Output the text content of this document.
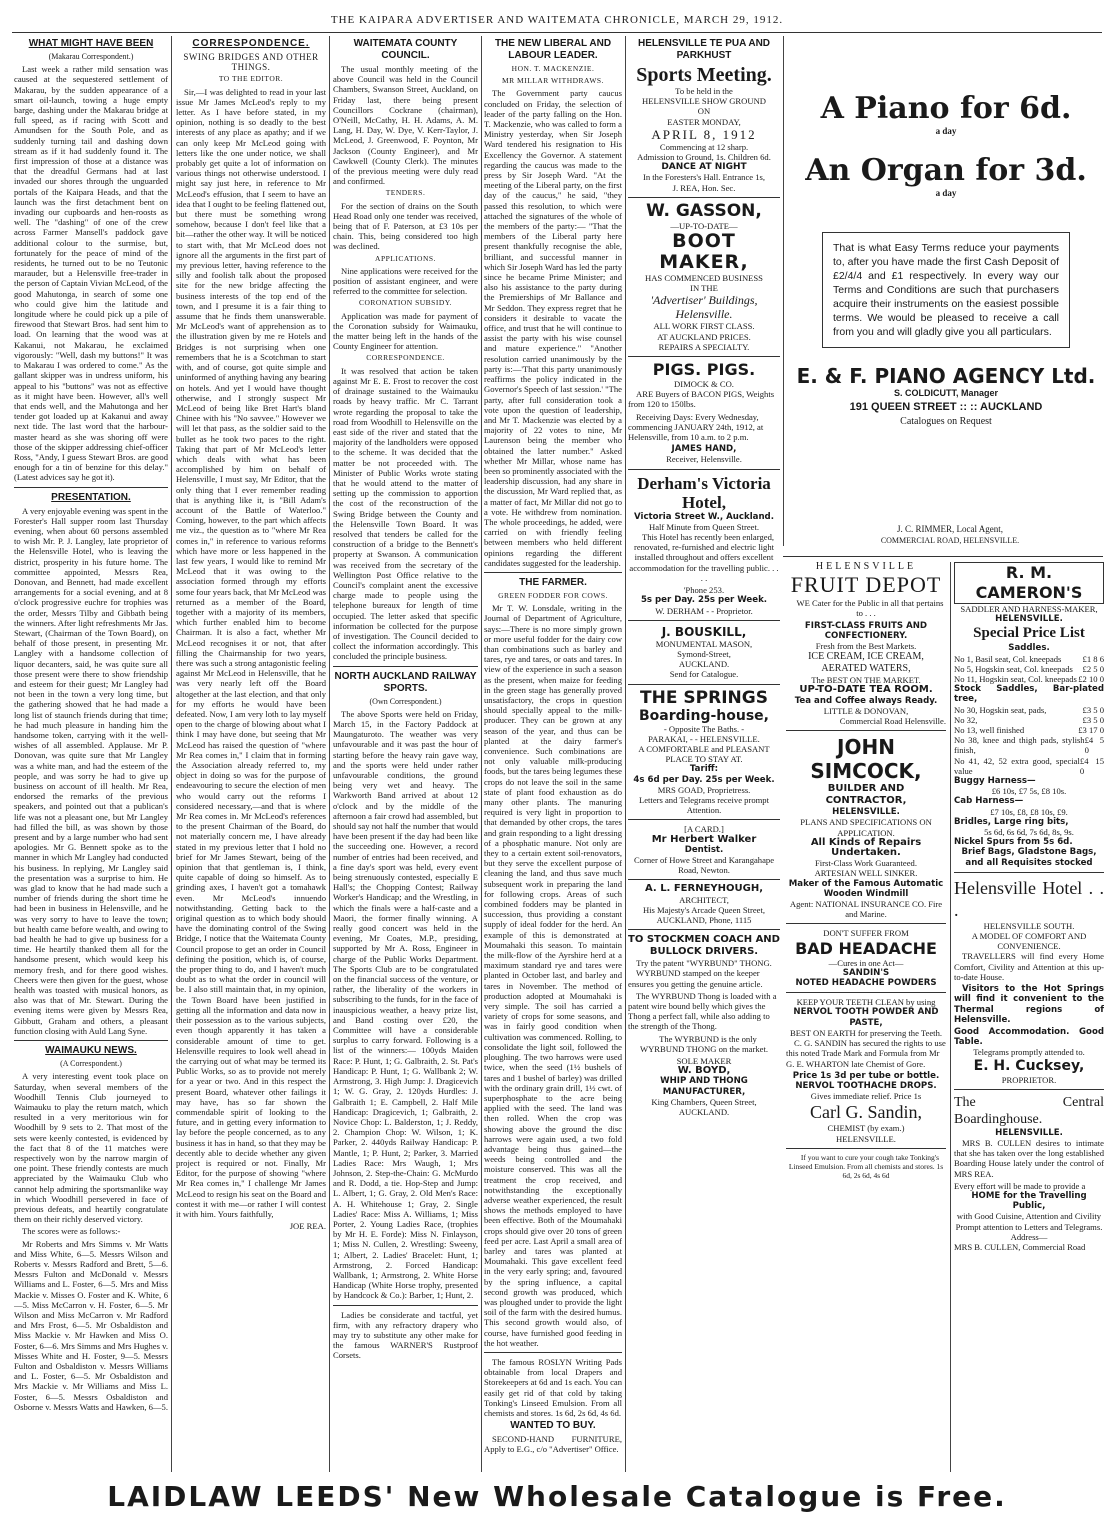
THE KAIPARA ADVERTISER AND WAITEMATA CHRONICLE, MARCH 29, 1912.
WHAT MIGHT HAVE BEEN
(Makarau Correspondent.)

Last week a rather mild sensation was caused at the sequestered settlement of Makarau, by the sudden appearance of a smart oil-launch, towing a huge empty barge, dashing under the Makarau bridge at full speed, as if racing with Scott and Amundsen for the South Pole, and as suddenly turning tail and dashing down stream as if it had suddenly found it. The first impression of those at a distance was that the dreadful Germans had at last invaded our shores through the unguarded portals of the Kaipara Heads, and that the launch was the first detachment bent on invading our cupboards and hen-roosts as well. The "dashing" of one of the crew across Farmer Mansell's paddock gave additional colour to the surmise, but, fortunately for the peace of mind of the residents, he turned out to be no Teutonic marauder, but a Helensville free-trader in the person of Captain Vivian McLeod, of the good Mahutonga, in search of some one who could give him the latitude and longitude where he could pick up a pile of firewood that Stewart Bros. had sent him to load. On learning that the wood was at Kakanui, not Makarau, he exclaimed vigorously: "Well, dash my buttons!" It was to Makarau I was ordered to come." As the gallant skipper was in undress uniform, his appeal to his "buttons" was not as effective as it might have been. However, all's well that ends well, and the Mahutonga and her tender got loaded up at Kakanui and away next tide. The last word that the harbour-master heard as she was shoring off were those of the skipper addressing chief-officer Ross, "Andy, I guess Stewart Bros. are good enough for a tin of benzine for this delay." (Latest advices say he got it).

PRESENTATION.

A very enjoyable evening was spent in the Forester's Hall supper room last Thursday evening, when about 60 persons assembled to wish Mr. P. J. Langley, late proprietor of the Helensville Hotel, who is leaving the district, prosperity in his future home. The committee appointed, Messrs Rea, Donovan, and Bennett, had made excellent arrangements for a social evening, and at 8 o'clock progressive euchre for trophies was the order, Messrs Tilby and Gibbath being the winners. After light refreshments Mr Jas. Stewart, (Chairman of the Town Board), on behalf of those present, in presenting Mr. Langley with a handsome collection of liquor decanters, said, he was quite sure all those present were there to show friendship and esteem for their guest; Mr Langley had not been in the town a very long time, but the gathering showed that he had made a long list of staunch friends during that time; he had much pleasure in handing him the handsome token, carrying with it the well-wishes of all assembled. Applause. Mr P. Donovan, was quite sure that Mr Langley was a white man, and had the esteem of the people, and was sorry he had to give up business on account of ill health. Mr Rea, endorsed the remarks of the previous speakers, and pointed out that a publican's life was not a pleasant one, but Mr Langley had filled the bill, as was shown by those present and by a large number who had sent apologies. Mr G. Bennett spoke as to the manner in which Mr Langley had conducted his business. In replying, Mr Langley said the presentation was a surprise to him. He was glad to know that he had made such a number of friends during the short time he had been in business in Helensville, and he was very sorry to have to leave the town; but health came before wealth, and owing to bad health he had to give up business for a time. He heartily thanked them all for the handsome present, which would keep his memory fresh, and for there good wishes. Cheers were then given for the guest, whose health was toasted with musical honors, as also was that of Mr. Stewart. During the evening items were given by Messrs Rea, Gibbutt, Graham and others, a pleasant function closing with Auld Lang Syne.

WAIMAUKU NEWS.
(A Correspondent.)

A very interesting event took place on Saturday, when several members of the Woodhill Tennis Club journeyed to Waimauku to play the return match, which resulted in a very meritorious win for Woodhill by 9 sets to 2. That most of the sets were keenly contested, is evidenced by the fact that 8 of the 11 matches were respectively won by the narrow margin of one point. These friendly contests are much appreciated by the Waimauku Club who cannot help admiring the sportsmanlike way in which Woodhill persevered in face of previous defeats, and heartily congratulate them on their richly deserved victory.

The scores were as follows:-

Mr Roberts and Mrs Simms v. Mr Watts and Miss White, 6—5. Messrs Wilson and Roberts v. Messrs Radford and Brett, 5—6. Messrs Fulton and McDonald v. Messrs Williams and L. Foster, 6—5. Mrs and Miss Mackie v. Misses O. Foster and K. White, 6—5. Miss McCarron v. H. Foster, 6—5. Mr Wilson and Miss McCarron v. Mr Radford and Mrs Frost, 6—5. Mr Osbaldiston and Miss Mackie v. Mr Hawken and Miss O. Foster, 6—6. Mrs Simms and Mrs Hughes v. Misses White and H. Foster, 9—5. Messrs Fulton and Osbaldiston v. Messrs Williams and L. Foster, 6—5. Mr Osbaldiston and Mrs Mackie v. Mr Williams and Miss L. Foster, 6—5. Messrs Osbaldiston and Osborne v. Messrs Watts and Hawken, 6—5.

CORRESPONDENCE.
SWING BRIDGES AND OTHER THINGS.
TO THE EDITOR.

Sir,—I was delighted to read in your last issue Mr James McLeod's reply to my letter. As I have before stated, in my opinion, nothing is so deadly to the best interests of any place as apathy; and if we can only keep Mr McLeod going with letters like the one under notice, we shall probably get quite a lot of information on various things not otherwise understood. I might say just here, in reference to Mr McLeod's effusion, that I seem to have an idea that I ought to be feeling flattened out, but there must be something wrong somehow, because I don't feel like that a bit—rather the other way. It will be noticed to start with, that Mr McLeod does not ignore all the arguments in the first part of my previous letter, having reference to the silly and foolish talk about the proposed site for the new bridge affecting the business interests of the top end of the town, and I presume it is a fair thing to assume that he finds them unanswerable. Mr McLeod's want of apprehension as to the illustration given by me re Hotels and Bridges is not surprising when one remembers that he is a Scotchman to start with, and of course, got quite simple and uninformed of anything having any bearing on hotels. And yet I would have thought otherwise, and I strongly suspect Mr McLeod of being like Bret Hart's bland Chinee with his "No savvee." However we will let that pass, as the soldier said to the bullet as he took two paces to the right. Taking that part of Mr McLeod's letter which deals with what has been accomplished by him on behalf of Helensville, I must say, Mr Editor, that the only thing that I ever remember reading that is anything like it, is "Bill Adam's account of the Battle of Waterloo." Coming, however, to the part which affects me viz., the question as to "where Mr Rea comes in," in reference to various reforms which have more or less happened in the last few years, I would like to remind Mr McLeod that it was owing to the association formed through my efforts some four years back, that Mr McLeod was returned as a member of the Board, together with a majority of its members, which further enabled him to become Chairman. It is also a fact, whether Mr McLeod recognises it or not, that after filling the Chairmanship for two years, there was such a strong antagonistic feeling against Mr McLeod in Helensville, that he was very nearly left off the Board altogether at the last election, and that only for my efforts he would have been defeated. Now, I am very loth to lay myself open to the charge of blowing about what I think I may have done, but seeing that Mr McLeod has raised the question of "where Mr Rea comes in," I claim that in forming the Association already referred to, my object in doing so was for the purpose of endeavouring to secure the election of men who would carry out the reforms I considered necessary,—and that is where Mr Rea comes in. Mr McLeod's references to the present Chairman of the Board, do not materially concern me, I have already stated in my previous letter that I hold no brief for Mr James Stewart, being of the opinion that that gentleman is, I think, quite capable of doing so himself. As to grinding axes, I haven't got a tomahawk even. Mr McLeod's innuendo notwithstanding. Getting back to the original question as to which body should have the dominating control of the Swing Bridge, I notice that the Waitemata County Council propose to get an order in Council defining the position, which is, of course, the proper thing to do, and I haven't much doubt as to what the order in council will be. I also still maintain that, in my opinion, the Town Board have been justified in getting all the information and data now in their possession as to the various subjects, even though apparently it has taken a considerable amount of time to get. Helensville requires to look well ahead in the carrying out of what may be termed its Public Works, so as to provide not merely for a year or two. And in this respect the present Board, whatever other failings it may have, has so far shown the commendable spirit of looking to the future, and in getting every information to lay before the people concerned, as to any business it has in hand, so that they may be decently able to decide whether any given project is required or not. Finally, Mr Editor, for the purpose of showing "where Mr Rea comes in," I challenge Mr James McLeod to resign his seat on the Board and contest it with me—or rather I will contest it with him. Yours faithfully,

JOE REA.
WAITEMATA COUNTY COUNCIL.

The usual monthly meeting of the above Council was held in the Council Chambers, Swanson Street, Auckland, on Friday last, there being present Councillors Cockrane (chairman), O'Neill, McCathy, H. H. Adams, A. M. Lang, H. Day, W. Dye, V. Kerr-Taylor, J. McLeod, J. Greenwood, F. Poynton, Mr Jackson (County Engineer), and Mr Cawkwell (County Clerk). The minutes of the previous meeting were duly read and confirmed.

TENDERS.

For the section of drains on the South Head Road only one tender was received, being that of F. Paterson, at £3 10s per chain. This, being considered too high was declined.

APPLICATIONS.

Nine applications were received for the position of assistant engineer, and were referred to the committee for selection.

CORONATION SUBSIDY.

Application was made for payment of the Coronation subsidy for Waimauku, the matter being left in the hands of the County Engineer for attention.

CORRESPONDENCE.

It was resolved that action be taken against Mr E. E. Frost to recover the cost of drainage sustained to the Waimauku roads by heavy traffic. Mr C. Tarrant wrote regarding the proposal to take the road from Woodhill to Helensville on the east side of the river and stated that the majority of the landholders were opposed to the scheme. It was decided that the matter be not proceeded with. The Minister of Public Works wrote stating that he would attend to the matter of setting up the commission to apportion the cost of the reconstruction of the Swing Bridge between the County and the Helensville Town Board. It was resolved that tenders be called for the construction of a bridge to the Bennett's property at Swanson. A communication was received from the secretary of the Wellington Post Office relative to the Council's complaint anent the excessive charge made to people using the telephone bureaux for length of time occupied. The letter asked that specific information be collected for the purpose of investigation. The Council decided to collect the information accordingly. This concluded the principle business.

NORTH AUCKLAND RAILWAY SPORTS.
(Own Correspondent.)

The above Sports were held on Friday, March 15, in the Factory Paddock at Maungaturoto. The weather was very unfavourable and it was past the hour of starting before the heavy rain gave way, and the sports were held under rather unfavourable conditions, the ground being very wet and heavy. The Warkworth Band arrived at about 12 o'clock and by the middle of the afternoon a fair crowd had assembled, but should say not half the number that would have been present if the day had been like the succeeding one. However, a record number of entries had been received, and a fine day's sport was held, every event being strenuously contested, especially E Hall's; the Chopping Contest; Railway Worker's Handicap; and the Wrestling, in which the finals were a half-caste and a Maori, the former finally winning. A really good concert was held in the evening, Mr Coates, M.P., presiding, supported by Mr A. Ross, Engineer in charge of the Public Works Department. The Sports Club are to be congratulated on the financial success of the venture, or rather, the liberality of the workers in subscribing to the funds, for in the face of inauspicious weather, a heavy prize list, and Band costing over £20, the Committee will have a considerable surplus to carry forward. Following is a list of the winners:— 100yds Maiden Race: P. Hunt, 1; G. Galbraith, 2. St. Pat's Handicap: P. Hunt, 1; G. Wallbank 2; W. Armstrong, 3. High Jump: J. Dragicevich 1; W. G. Gray, 2. 120yds Hurdles: J. Galbraith 1; E. Campbell, 2. Half Mile Handicap: Dragicevich, 1; Galbraith, 2. Novice Chop: L. Balderston, 1; J. Reddy, 2. Champion Chop: W. Wilson, 1; K. Parker, 2. 440yds Railway Handicap: P. Mantle, 1; P. Hunt, 2; Parker, 3. Married Ladies Race: Mrs Waugh, 1; Mrs Johnson, 2. Step-the-Chain: G. McMurdo and R. Dodd, a tie. Hop-Step and Jump: L. Albert, 1; G. Gray, 2. Old Men's Race: A. H. Whitehouse 1; Gray, 2. Single Ladies' Race: Miss A. Williams, 1; Miss Porter, 2. Young Ladies Race, (trophies by Mr H. E. Forde): Miss N. Finlayson, 1; Miss N. Cullen, 2. Wrestling: Sweeny, 1; Albert, 2. Ladies' Bracelet: Hunt, 1; Armstrong, 2. Forced Handicap: Wallbank, 1; Armstrong, 2. White Horse Handicap (White Horse trophy, presented by Handcock & Co.): Barber, 1; Hunt, 2.

Ladies be considerate and tactful, yet firm, with any refractory drapery who may try to substitute any other make for the famous WARNER'S Rustproof Corsets.

THE NEW LIBERAL AND LABOUR LEADER.
HON. T. MACKENZIE.
MR MILLAR WITHDRAWS.

The Government party caucus concluded on Friday, the selection of leader of the party falling on the Hon. T. Mackenzie, who was called to form a Ministry yesterday, when Sir Joseph Ward tendered his resignation to His Excellency the Governor. A statement regarding the caucus was made to the press by Sir Joseph Ward. "At the meeting of the Liberal party, on the first day of the caucus," he said, "they passed this resolution, to which were attached the signatures of the whole of the members of the party:— "That the members of the Liberal party here present thankfully recognise the able, brilliant, and successful manner in which Sir Joseph Ward has led the party since he became Prime Minister; and also his assistance to the party during the Premierships of Mr Ballance and Mr Seddon. They express regret that he considers it desirable to vacate the office, and trust that he will continue to assist the party with his wise counsel and mature experience." "Another resolution carried unanimously by the party is:—'That this party unanimously reaffirms the policy indicated in the Governor's Speech of last session.' "The party, after full consideration took a vote upon the question of leadership, and Mr T. Mackenzie was elected by a majority of 22 votes to nine, Mr Laurenson being the member who obtained the latter number." Asked whether Mr Millar, whose name has been so prominently associated with the leadership discussion, had any share in the discussion, Mr Ward replied that, as a matter of fact, Mr Millar did not go to a vote. He withdrew from nomination. The whole proceedings, he added, were carried on with friendly feeling between members who held different opinions regarding the different candidates suggested for the leadership.

THE FARMER.
GREEN FODDER FOR COWS.

Mr T. W. Lonsdale, writing in the Journal of Department of Agriculture, says:—There is no more simply grown or more useful fodder for the dairy cow than combinations such as barley and tares, rye and tares, or oats and tares. In view of the experience in such a season as the present, when maize for feeding in the green stage has generally proved unsatisfactory, the crops in question should specially appeal to the milk-producer. They can be grown at any season of the year, and thus can be planted at the dairy farmer's convenience. Such combinations are not only valuable milk-producing foods, but the tares being legumes these crops do not leave the soil in the same state of plant food exhaustion as do many other plants. The manuring required is very light in proportion to that demanded by other crops, the tares and grain responding to a light dressing of a phosphatic manure. Not only are they to a certain extent soil-renovators, but they serve the excellent purpose of cleaning the land, and thus save much subsequent work in preparing the land for following crops. Areas of such combined fodders may be planted in succession, thus providing a constant supply of ideal fodder for the herd. An example of this is demonstrated at Moumahaki this season. To maintain the milk-flow of the Ayrshire herd at a maximum standard rye and tares were planted in October last, and barley and tares in November. The method of production adopted at Moumahaki is very simple. The soil has carried a variety of crops for some seasons, and was in fairly good condition when cultivation was commenced. Rolling, to consolidate the light soil, followed the ploughing. The two harrows were used twice, when the seed (1½ bushels of tares and 1 bushel of barley) was drilled with the ordinary grain drill, 1½ cwt. of superphosphate to the acre being applied with the seed. The land was then rolled. When the crop was showing above the ground the disc harrows were again used, a two fold advantage being thus gained—the weeds being controlled and the moisture conserved. This was all the treatment the crop received, and notwithstanding the exceptionally adverse weather experienced, the result shows the methods employed to have been effective. Both of the Moumahaki crops should give over 20 tons of green feed per acre. Last April a small area of barley and tares was planted at Moumahaki. This gave excellent feed in the very early spring; and, favoured by the spring influence, a capital second growth was produced, which was ploughed under to provide the light soil of the farm with the desired humus. This second growth would also, of course, have furnished good feeding in the hot weather.

The famous ROSLYN Writing Pads obtainable from local Drapers and Storekeepers at 6d and 1s each. You can easily get rid of that cold by taking Tonking's Linseed Emulsion. From all chemists and stores. 1s 6d, 2s 6d, 4s 6d.

WANTED TO BUY.

SECOND-HAND FURNITURE, Apply to E.G., c/o "Advertiser" Office.

HELENSVILLE TE PUA AND PARKHUST
Sports Meeting.
To be held in the
HELENSVILLE SHOW GROUND
ON
EASTER MONDAY,
APRIL 8, 1912
Commencing at 12 sharp.
Admission to Ground, 1s. Children 6d.
DANCE AT NIGHT
In the Foresters's Hall. Entrance 1s,
J. REA, Hon. Sec.
W. GASSON,
—UP-TO-DATE—
BOOT MAKER,
HAS COMMENCED BUSINESS
IN THE
'Advertiser' Buildings,
Helensville.
ALL WORK FIRST CLASS.
AT AUCKLAND PRICES.
REPAIRS A SPECIALTY.
PIGS. PIGS.
DIMOCK & CO.

ARE Buyers of BACON PIGS, Weights from 120 to 150lbs.

Receiving Days: Every Wednesday, commencing JANUARY 24th, 1912, at Helensville, from 10 a.m. to 2 p.m.

JAMES HAND,
Receiver, Helensville.
Derham's Victoria Hotel,
Victoria Street W., Auckland.
Half Minute from Queen Street.

This Hotel has recently been enlarged, renovated, re-furnished and electric light installed throughout and offers excellent accommodation for the travelling public. . . . .

'Phone 253.
5s per Day. 25s per Week.
W. DERHAM - - Proprietor.
J. BOUSKILL,
MONUMENTAL MASON,
Symond-Street,
AUCKLAND.
Send for Catalogue.
THE SPRINGS
Boarding-house,
- Opposite The Baths. -
PARAKAI, - - HELENSVILLE.
A COMFORTABLE and PLEASANT PLACE TO STAY AT.
Tariff:
4s 6d per Day. 25s per Week.
MRS GOAD, Proprietress.
Letters and Telegrams receive prompt Attention.
[A CARD.]
Mr Herbert Walker
Dentist.
Corner of Howe Street and Karangahape Road, Newton.
A. L. FERNEYHOUGH,
ARCHITECT,
His Majesty's Arcade Queen Street,
AUCKLAND, Phone, 1115
TO STOCKMEN COACH AND BULLOCK DRIVERS.
Try the patent "WYRBUND" THONG.

WYRBUND stamped on the keeper ensures you getting the genuine article.

The WYRBUND Thong is loaded with a patent wire bound belly which gives the Thong a perfect fall, while also adding to the strength of the Thong.

The WYRBUND is the only WYRBUND THONG on the market.

SOLE MAKER
W. BOYD,
WHIP AND THONG MANUFACTURER,
King Chambers, Queen Street, AUCKLAND.
A Piano for 6d.
a day
An Organ for 3d.
a day
That is what Easy Terms reduce your payments to, after you have made the first Cash Deposit of £2/4/4 and £1 respectively. In every way our Terms and Conditions are such that purchasers acquire their instruments on the easiest possible terms. We would be pleased to receive a call from you and will gladly give you all particulars.
E. & F. PIANO AGENCY Ltd.
S. COLDICUTT, Manager
191 QUEEN STREET :: :: AUCKLAND
Catalogues on Request
J. C. RIMMER, Local Agent,
COMMERCIAL ROAD, HELENSVILLE.
HELENSVILLE
FRUIT DEPOT

WE Cater for the Public in all that pertains to . . .

FIRST-CLASS FRUITS AND CONFECTIONERY.
Fresh from the Best Markets.
ICE CREAM, ICE CREAM, AERATED WATERS,
The BEST ON THE MARKET.
UP-TO-DATE TEA ROOM.
Tea and Coffee always Ready.
LITTLE & DONOVAN,
Commercial Road Helensville.
JOHN SIMCOCK,
BUILDER AND CONTRACTOR,
HELENSVILLE.
PLANS AND SPECIFICATIONS ON APPLICATION.
All Kinds of Repairs Undertaken.
First-Class Work Guaranteed.
ARTESIAN WELL SINKER.
Maker of the Famous Automatic Wooden Windmill
Agent: NATIONAL INSURANCE CO. Fire and Marine.
DON'T SUFFER FROM
BAD HEADACHE
—Cures in one Act—
SANDIN'S
NOTED HEADACHE POWDERS
KEEP YOUR TEETH CLEAN by using
NERVOL TOOTH POWDER AND PASTE,
BEST ON EARTH for preserving the Teeth.

C. G. SANDIN has secured the rights to use this noted Trade Mark and Formula from Mr G. E. WHARTON late Chemist of Gore.

Price 1s 3d per tube or bottle.
NERVOL TOOTHACHE DROPS.
Gives immediate relief. Price 1s
Carl G. Sandin,
CHEMIST (by exam.)
HELENSVILLE.

If you want to cure your cough take Tonking's Linseed Emulsion. From all chemists and stores. 1s 6d, 2s 6d, 4s 6d

R. M. CAMERON'S
SADDLER AND HARNESS-MAKER,
HELENSVILLE.
Special Price List
Saddles.
No 1, Basil seat, Col. kneepads £1 8 6
No 5, Hogskin seat, Col. kneepads £2 5 0
No 11, Hogskin seat, Col. kneepads £2 10 0
Stock Saddles, Bar-plated tree,
No 30, Hogskin seat, pads,	£3 5 0
No 32,	£3 5 0
No 13, well finished	£3 17 0
No 38, knee and thigh pads, stylish finish,
£4 5 0
No 41, 42, 52 extra good, special value
£4 15 0
Buggy Harness—
£6 10s, £7 5s, £8 10s.
Cab Harness—
£7 10s, £8, £8 10s, £9.
Bridles, Large ring bits,
5s 6d, 6s 6d, 7s 6d, 8s, 9s.
Nickel Spurs from 5s 6d.
Brief Bags, Gladstone Bags, and all Requisites stocked
Helensville Hotel . . .
HELENSVILLE SOUTH.
A MODEL OF COMFORT AND CONVENIENCE.

TRAVELLERS will find every Home Comfort, Civility and Attention at this up-to-date House.

Visitors to the Hot Springs will find it convenient to the Thermal regions of Helensville.

Good Accommodation. Good Table.
Telegrams promptly attended to.
E. H. Cucksey,
PROPRIETOR.
The Central Boardinghouse.
HELENSVILLE.

MRS B. CULLEN desires to intimate that she has taken over the long established Boarding House lately under the control of MRS REA.

Every effort will be made to provide a
HOME for the Travelling Public,
with Good Cuisine, Attention and Civility
Prompt attention to Letters and Telegrams.
Address—
MRS B. CULLEN, Commercial Road
LAIDLAW LEEDS' New Wholesale Catalogue is Free.
